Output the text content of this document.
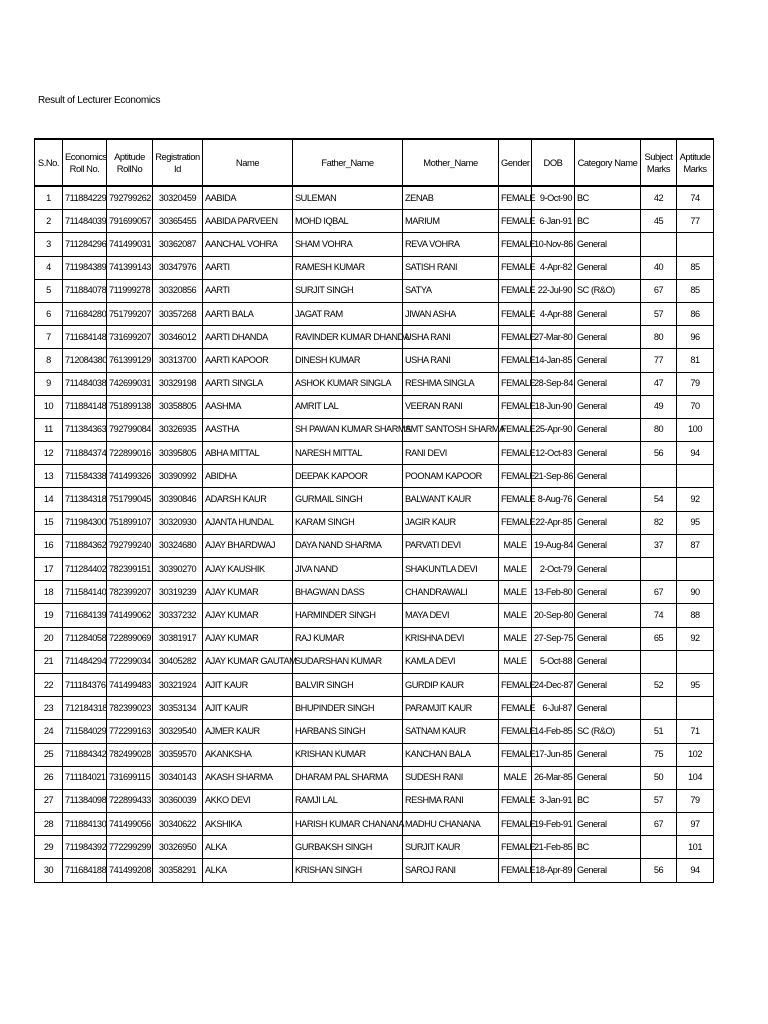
Result of Lecturer Economics
S.No.	Economics Roll No.	Aptitude RollNo	Registration Id	Name	Father_Name	Mother_Name	Gender	DOB	Category Name	Subject Marks	Aptitude Marks
1	711884229	792799262	30320459	AABIDA	SULEMAN	ZENAB	FEMALE	9-Oct-90	BC	42	74
2	711484039	791699057	30365455	AABIDA PARVEEN	MOHD IQBAL	MARIUM	FEMALE	6-Jan-91	BC	45	77
3	711284296	741499031	30362087	AANCHAL VOHRA	SHAM VOHRA	REVA VOHRA	FEMALE	10-Nov-86	General		
4	711984389	741399143	30347976	AARTI	RAMESH KUMAR	SATISH RANI	FEMALE	4-Apr-82	General	40	85
5	711884078	711999278	30320856	AARTI	SURJIT SINGH	SATYA	FEMALE	22-Jul-90	SC (R&O)	67	85
6	711684280	751799207	30357268	AARTI BALA	JAGAT RAM	JIWAN ASHA	FEMALE	4-Apr-88	General	57	86
7	711684148	731699207	30346012	AARTI DHANDA	RAVINDER KUMAR DHANDA	USHA RANI	FEMALE	27-Mar-80	General	80	96
8	712084380	761399129	30313700	AARTI KAPOOR	DINESH KUMAR	USHA RANI	FEMALE	14-Jan-85	General	77	81
9	711484038	742699031	30329198	AARTI SINGLA	ASHOK KUMAR SINGLA	RESHMA SINGLA	FEMALE	28-Sep-84	General	47	79
10	711884148	751899138	30358805	AASHMA	AMRIT LAL	VEERAN RANI	FEMALE	18-Jun-90	General	49	70
11	711384363	792799084	30326935	AASTHA	SH PAWAN KUMAR SHARMA	SMT SANTOSH SHARMA	FEMALE	25-Apr-90	General	80	100
12	711884374	722899016	30395805	ABHA MITTAL	NARESH MITTAL	RANI DEVI	FEMALE	12-Oct-83	General	56	94
13	711584338	741499326	30390992	ABIDHA	DEEPAK KAPOOR	POONAM KAPOOR	FEMALE	21-Sep-86	General		
14	711384318	751799045	30390846	ADARSH KAUR	GURMAIL SINGH	BALWANT KAUR	FEMALE	8-Aug-76	General	54	92
15	711984300	751899107	30320930	AJANTA HUNDAL	KARAM SINGH	JAGIR KAUR	FEMALE	22-Apr-85	General	82	95
16	711884362	792799240	30324680	AJAY BHARDWAJ	DAYA NAND SHARMA	PARVATI DEVI	MALE	19-Aug-84	General	37	87
17	711284402	782399151	30390270	AJAY KAUSHIK	JIVA NAND	SHAKUNTLA DEVI	MALE	2-Oct-79	General		
18	711584140	782399207	30319239	AJAY KUMAR	BHAGWAN DASS	CHANDRAWALI	MALE	13-Feb-80	General	67	90
19	711684139	741499062	30337232	AJAY KUMAR	HARMINDER SINGH	MAYA DEVI	MALE	20-Sep-80	General	74	88
20	711284058	722899069	30381917	AJAY KUMAR	RAJ KUMAR	KRISHNA DEVI	MALE	27-Sep-75	General	65	92
21	711484294	772299034	30405282	AJAY KUMAR GAUTAM	SUDARSHAN KUMAR	KAMLA DEVI	MALE	5-Oct-88	General		
22	711184376	741499483	30321924	AJIT KAUR	BALVIR SINGH	GURDIP KAUR	FEMALE	24-Dec-87	General	52	95
23	712184318	782399023	30353134	AJIT KAUR	BHUPINDER SINGH	PARAMJIT KAUR	FEMALE	6-Jul-87	General		
24	711584029	772299163	30329540	AJMER KAUR	HARBANS SINGH	SATNAM KAUR	FEMALE	14-Feb-85	SC (R&O)	51	71
25	711884342	782499028	30359570	AKANKSHA	KRISHAN KUMAR	KANCHAN BALA	FEMALE	17-Jun-85	General	75	102
26	711184021	731699115	30340143	AKASH SHARMA	DHARAM PAL SHARMA	SUDESH RANI	MALE	26-Mar-85	General	50	104
27	711384098	722899433	30360039	AKKO DEVI	RAMJI LAL	RESHMA RANI	FEMALE	3-Jan-91	BC	57	79
28	711884130	741499056	30340622	AKSHIKA	HARISH KUMAR CHANANA	MADHU CHANANA	FEMALE	19-Feb-91	General	67	97
29	711984392	772299299	30326950	ALKA	GURBAKSH SINGH	SURJIT KAUR	FEMALE	21-Feb-85	BC		101
30	711684188	741499208	30358291	ALKA	KRISHAN SINGH	SAROJ RANI	FEMALE	18-Apr-89	General	56	94
